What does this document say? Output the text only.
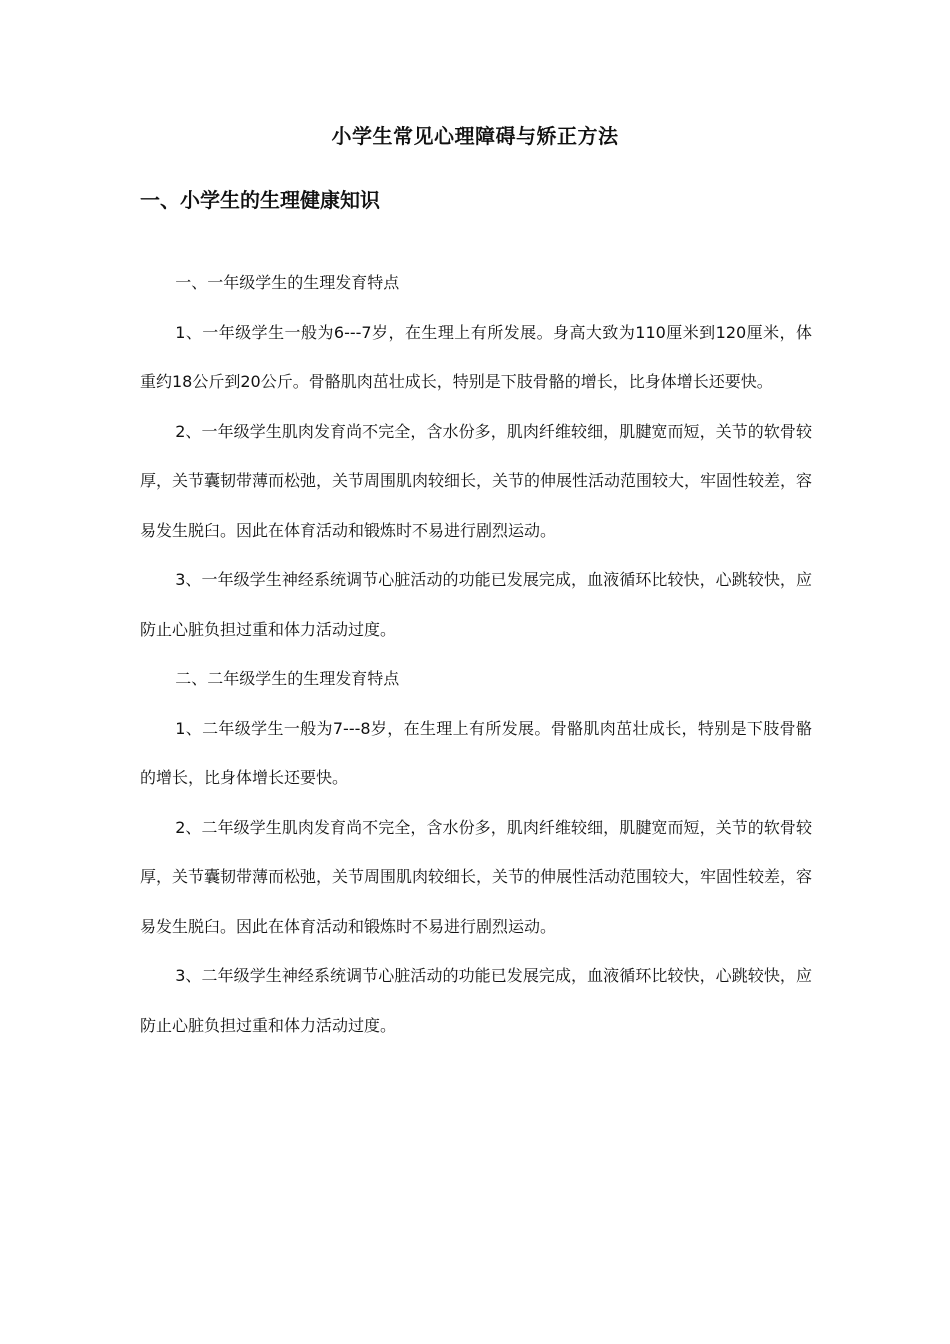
小学生常见心理障碍与矫正方法
一、小学生的生理健康知识

一、一年级学生的生理发育特点

1、一年级学生一般为6---7岁，在生理上有所发展。身高大致为110厘米到120厘米，体重约18公斤到20公斤。骨骼肌肉茁壮成长，特别是下肢骨骼的增长，比身体增长还要快。

2、一年级学生肌肉发育尚不完全，含水份多，肌肉纤维较细，肌腱宽而短，关节的软骨较厚，关节囊韧带薄而松弛，关节周围肌肉较细长，关节的伸展性活动范围较大，牢固性较差，容易发生脱臼。因此在体育活动和锻炼时不易进行剧烈运动。

3、一年级学生神经系统调节心脏活动的功能已发展完成，血液循环比较快，心跳较快，应防止心脏负担过重和体力活动过度。

二、二年级学生的生理发育特点

1、二年级学生一般为7---8岁，在生理上有所发展。骨骼肌肉茁壮成长，特别是下肢骨骼的增长，比身体增长还要快。

2、二年级学生肌肉发育尚不完全，含水份多，肌肉纤维较细，肌腱宽而短，关节的软骨较厚，关节囊韧带薄而松弛，关节周围肌肉较细长，关节的伸展性活动范围较大，牢固性较差，容易发生脱臼。因此在体育活动和锻炼时不易进行剧烈运动。

3、二年级学生神经系统调节心脏活动的功能已发展完成，血液循环比较快，心跳较快，应防止心脏负担过重和体力活动过度。
